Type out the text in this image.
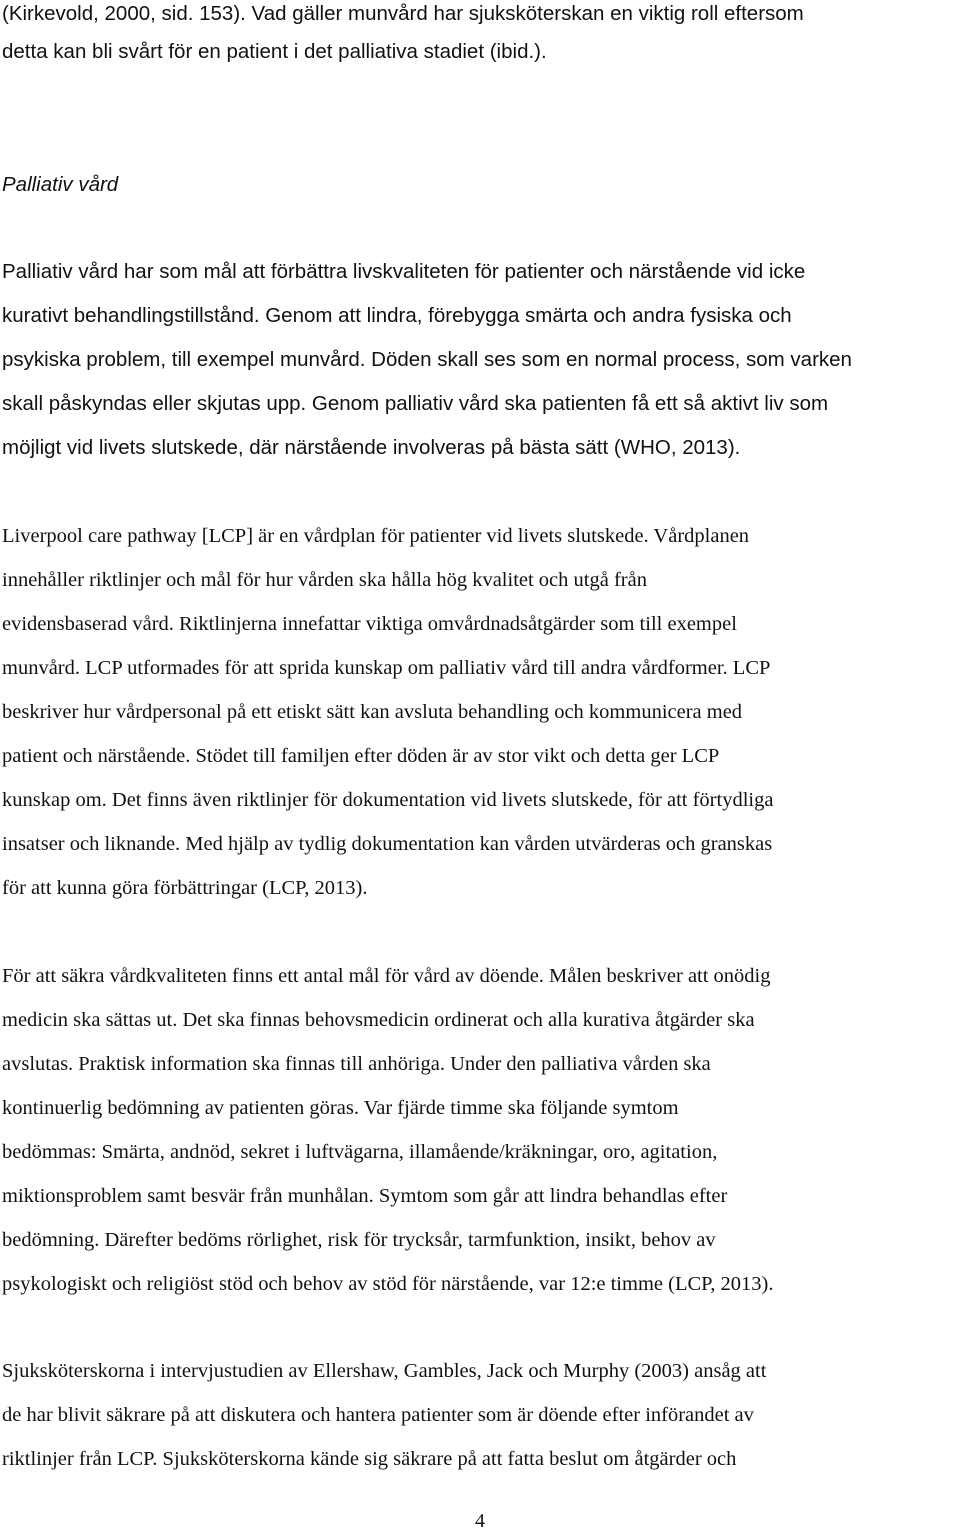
(Kirkevold, 2000, sid. 153). Vad gäller munvård har sjuksköterskan en viktig roll eftersom
detta kan bli svårt för en patient i det palliativa stadiet (ibid.).
Palliativ vård
Palliativ vård har som mål att förbättra livskvaliteten för patienter och närstående vid icke
kurativt behandlingstillstånd. Genom att lindra, förebygga smärta och andra fysiska och
psykiska problem, till exempel munvård. Döden skall ses som en normal process, som varken
skall påskyndas eller skjutas upp. Genom palliativ vård ska patienten få ett så aktivt liv som
möjligt vid livets slutskede, där närstående involveras på bästa sätt (WHO, 2013).
Liverpool care pathway [LCP] är en vårdplan för patienter vid livets slutskede. Vårdplanen
innehåller riktlinjer och mål för hur vården ska hålla hög kvalitet och utgå från
evidensbaserad vård. Riktlinjerna innefattar viktiga omvårdnadsåtgärder som till exempel
munvård. LCP utformades för att sprida kunskap om palliativ vård till andra vårdformer. LCP
beskriver hur vårdpersonal på ett etiskt sätt kan avsluta behandling och kommunicera med
patient och närstående. Stödet till familjen efter döden är av stor vikt och detta ger LCP
kunskap om. Det finns även riktlinjer för dokumentation vid livets slutskede, för att förtydliga
insatser och liknande. Med hjälp av tydlig dokumentation kan vården utvärderas och granskas
för att kunna göra förbättringar (LCP, 2013).
För att säkra vårdkvaliteten finns ett antal mål för vård av döende. Målen beskriver att onödig
medicin ska sättas ut. Det ska finnas behovsmedicin ordinerat och alla kurativa åtgärder ska
avslutas. Praktisk information ska finnas till anhöriga. Under den palliativa vården ska
kontinuerlig bedömning av patienten göras. Var fjärde timme ska följande symtom
bedömmas: Smärta, andnöd, sekret i luftvägarna, illamående/kräkningar, oro, agitation,
miktionsproblem samt besvär från munhålan. Symtom som går att lindra behandlas efter
bedömning. Därefter bedöms rörlighet, risk för trycksår, tarmfunktion, insikt, behov av
psykologiskt och religiöst stöd och behov av stöd för närstående, var 12:e timme (LCP, 2013).
Sjuksköterskorna i intervjustudien av Ellershaw, Gambles, Jack och Murphy (2003) ansåg att
de har blivit säkrare på att diskutera och hantera patienter som är döende efter införandet av
riktlinjer från LCP. Sjuksköterskorna kände sig säkrare på att fatta beslut om åtgärder och
4
